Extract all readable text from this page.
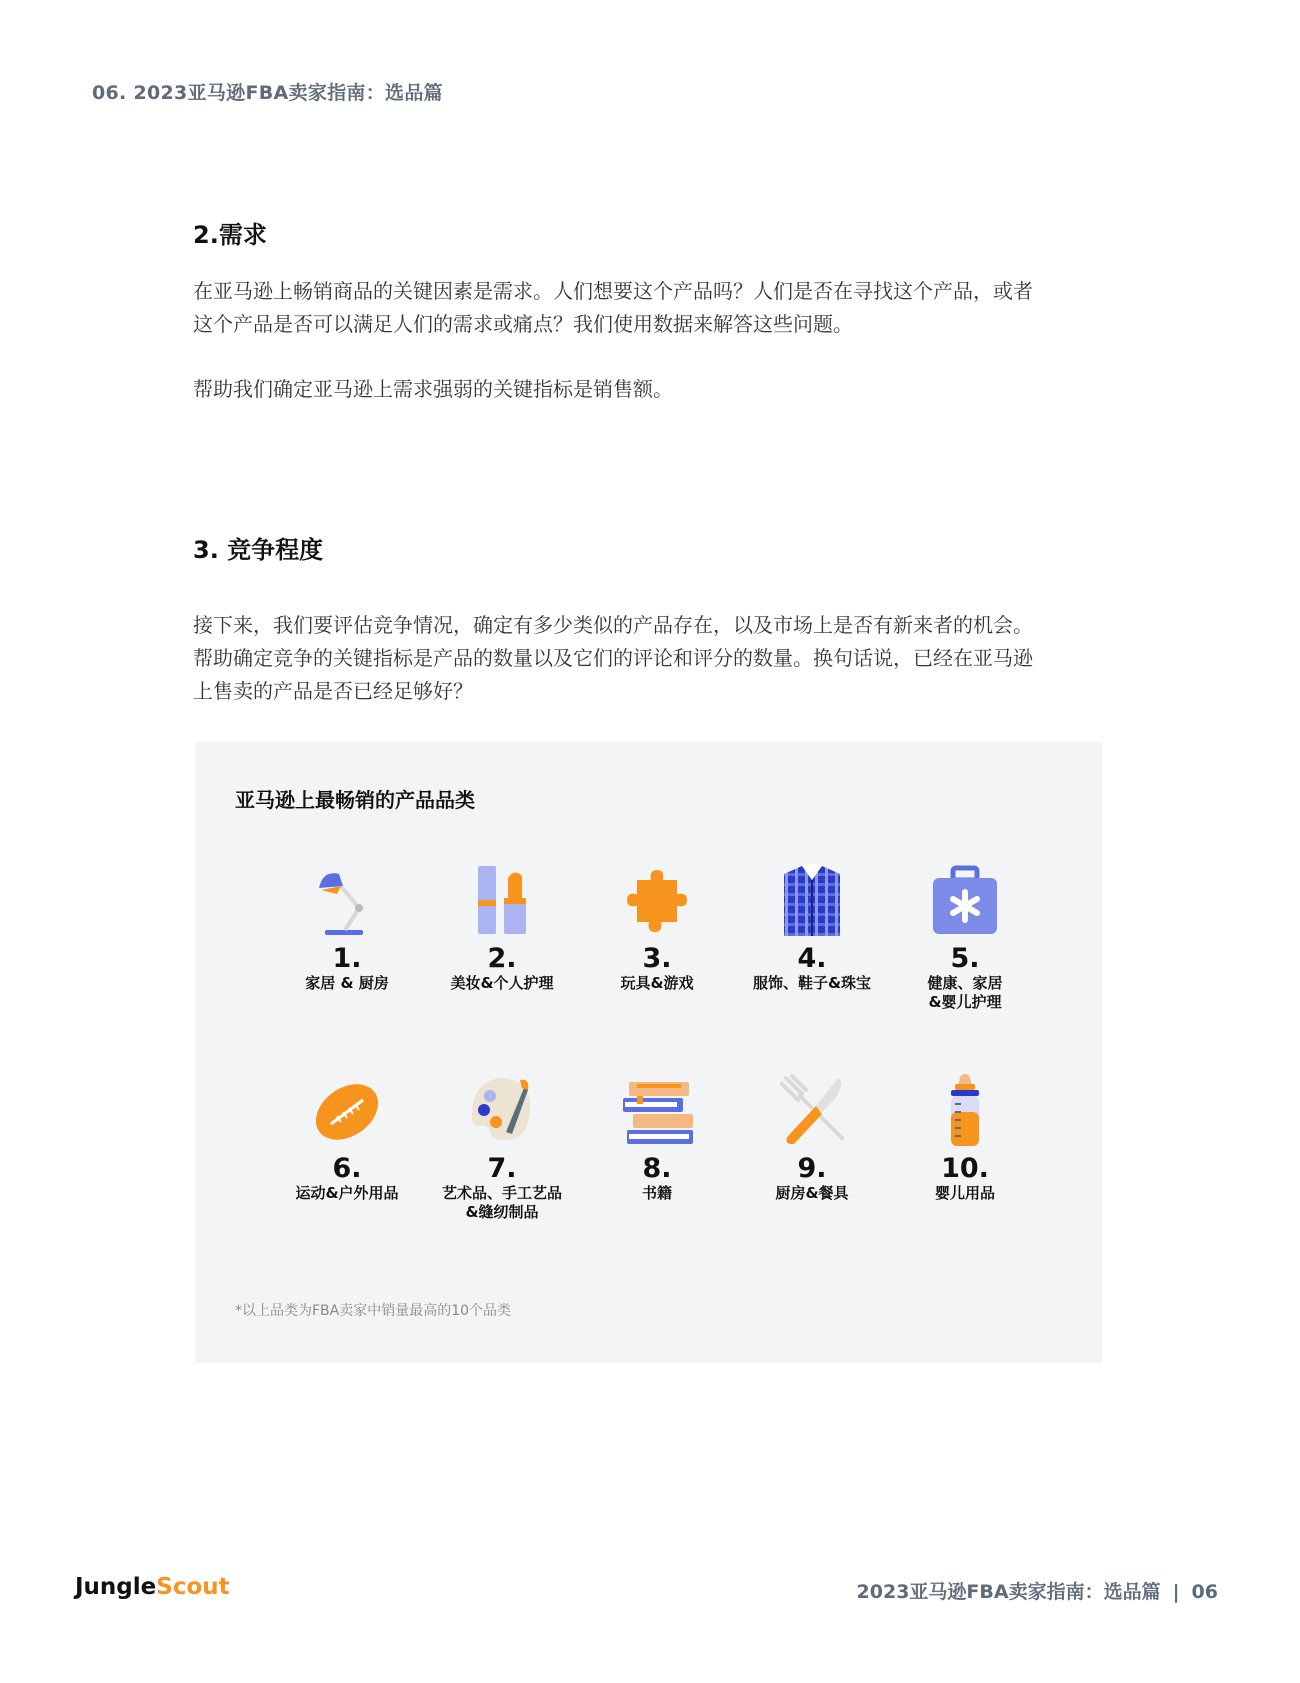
06. 2023亚马逊FBA卖家指南：选品篇
2.需求

在亚马逊上畅销商品的关键因素是需求。人们想要这个产品吗？人们是否在寻找这个产品，或者

这个产品是否可以满足人们的需求或痛点？我们使用数据来解答这些问题。

帮助我们确定亚马逊上需求强弱的关键指标是销售额。

3. 竞争程度

接下来，我们要评估竞争情况，确定有多少类似的产品存在，以及市场上是否有新来者的机会。

帮助确定竞争的关键指标是产品的数量以及它们的评论和评分的数量。换句话说，已经在亚马逊

上售卖的产品是否已经足够好？

亚马逊上最畅销的产品品类
1.
家居 & 厨房
2.
美妆&个人护理
3.
玩具&游戏
4.
服饰、鞋子&珠宝
5.
健康、家居
&婴儿护理
6.
运动&户外用品
7.
艺术品、手工艺品
&缝纫制品
8.
书籍
9.
厨房&餐具
10.
婴儿用品
*以上品类为FBA卖家中销量最高的10个品类
JungleScout	2023亚马逊FBA卖家指南：选品篇 | 06
